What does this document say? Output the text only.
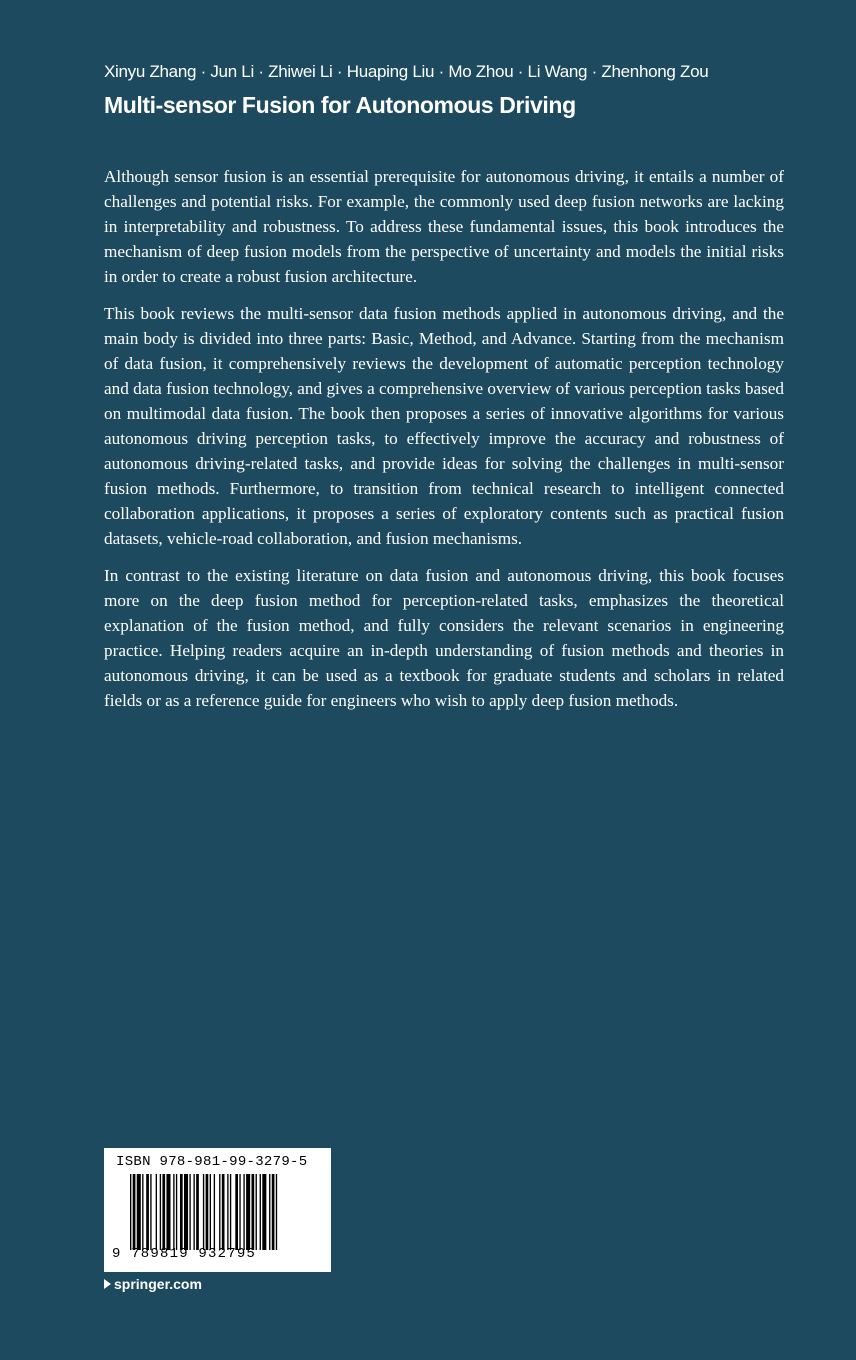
Xinyu Zhang · Jun Li · Zhiwei Li · Huaping Liu · Mo Zhou · Li Wang · Zhenhong Zou
Multi-sensor Fusion for Autonomous Driving

Although sensor fusion is an essential prerequisite for autonomous driving, it entails a number of challenges and potential risks. For example, the commonly used deep fusion networks are lacking in interpretability and robustness. To address these fundamental issues, this book introduces the mechanism of deep fusion models from the perspective of uncertainty and models the initial risks in order to create a robust fusion architecture.

This book reviews the multi-sensor data fusion methods applied in autonomous driving, and the main body is divided into three parts: Basic, Method, and Advance. Starting from the mechanism of data fusion, it comprehensively reviews the development of automatic perception technology and data fusion technology, and gives a comprehensive overview of various perception tasks based on multimodal data fusion. The book then proposes a series of innovative algorithms for various autonomous driving perception tasks, to effectively improve the accuracy and robustness of autonomous driving-related tasks, and provide ideas for solving the challenges in multi-sensor fusion methods. Furthermore, to transition from technical research to intelligent connected collaboration applications, it proposes a series of exploratory contents such as practical fusion datasets, vehicle-road collaboration, and fusion mechanisms.

In contrast to the existing literature on data fusion and autonomous driving, this book focuses more on the deep fusion method for perception-related tasks, emphasizes the theoretical explanation of the fusion method, and fully considers the relevant scenarios in engineering practice. Helping readers acquire an in-depth understanding of fusion methods and theories in autonomous driving, it can be used as a textbook for graduate students and scholars in related fields or as a reference guide for engineers who wish to apply deep fusion methods.

ISBN 978-981-99-3279-5
9 789819 932795
springer.com
